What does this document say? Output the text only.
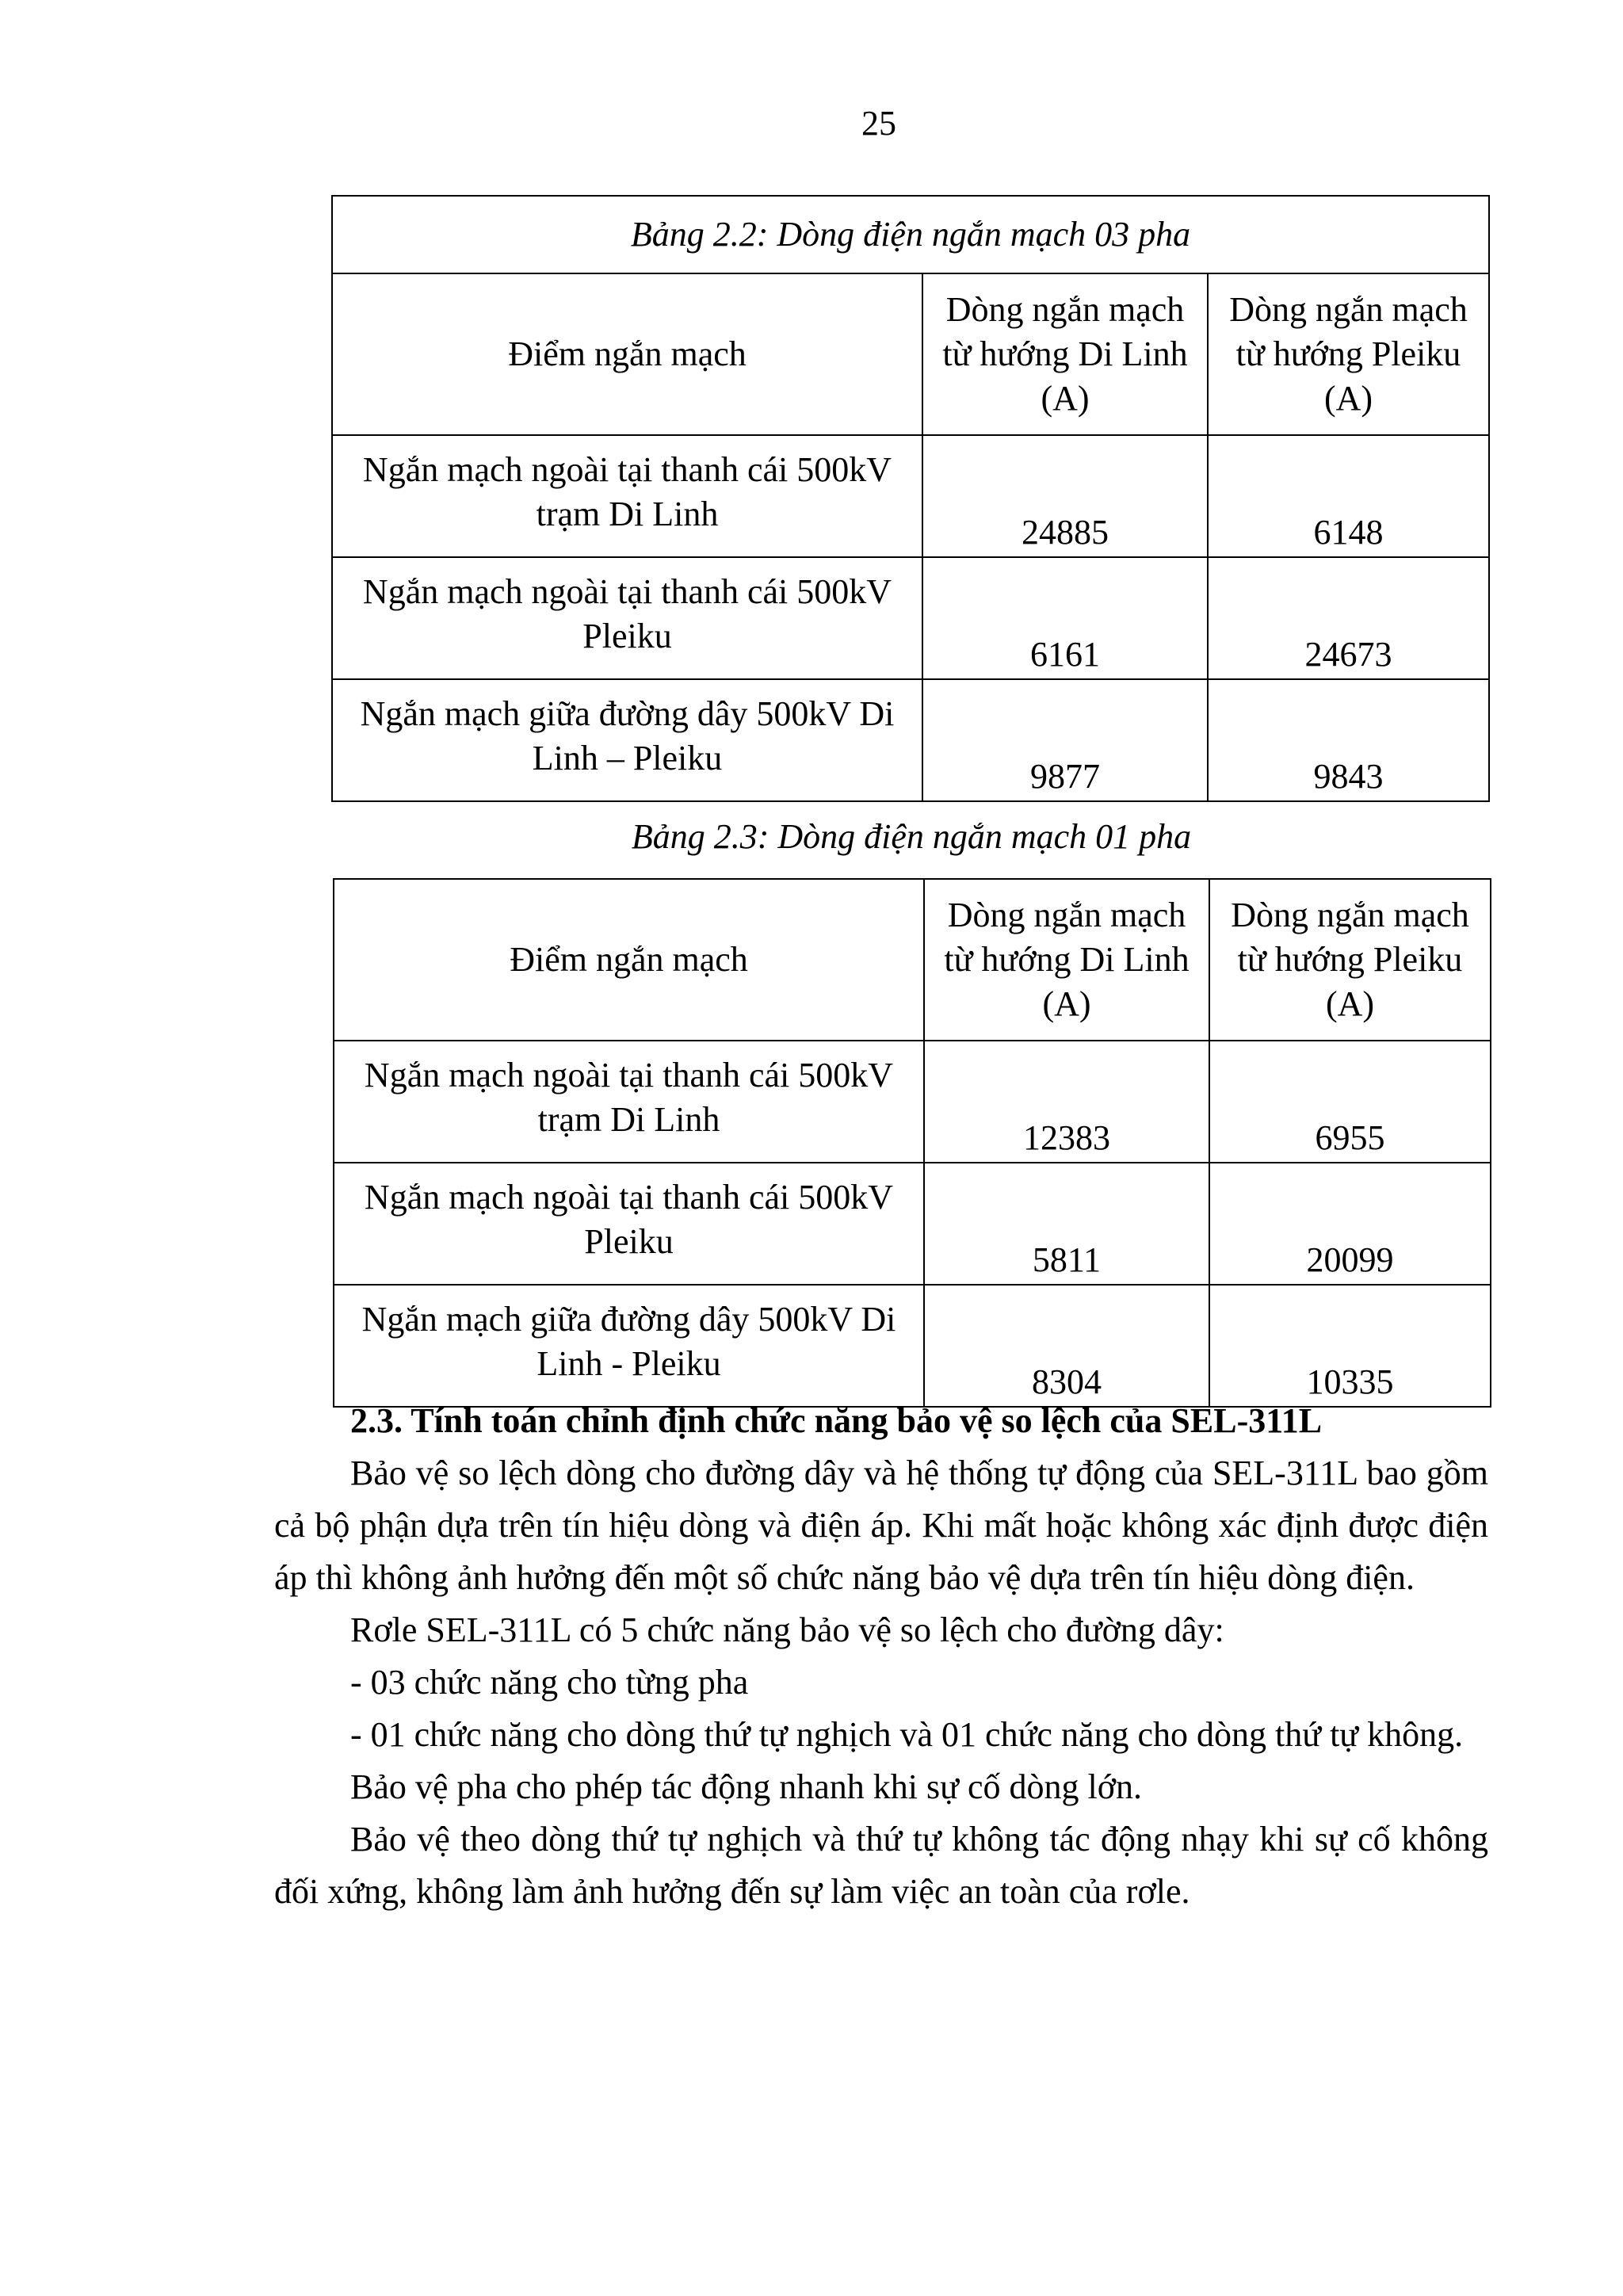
25
Bảng 2.2: Dòng điện ngắn mạch 03 pha		
Điểm ngắn mạch	Dòng ngắn mạch từ hướng Di Linh (A)	Dòng ngắn mạch từ hướng Pleiku (A)
Ngắn mạch ngoài tại thanh cái 500kV trạm Di Linh	24885	6148
Ngắn mạch ngoài tại thanh cái 500kV Pleiku	6161	24673
Ngắn mạch giữa đường dây 500kV Di Linh – Pleiku	9877	9843
Bảng 2.3: Dòng điện ngắn mạch 01 pha
Điểm ngắn mạch	Dòng ngắn mạch từ hướng Di Linh (A)	Dòng ngắn mạch từ hướng Pleiku (A)
Ngắn mạch ngoài tại thanh cái 500kV trạm Di Linh	12383	6955
Ngắn mạch ngoài tại thanh cái 500kV Pleiku	5811	20099
Ngắn mạch giữa đường dây 500kV Di Linh - Pleiku	8304	10335

2.3. Tính toán chỉnh định chức năng bảo vệ so lệch của SEL-311L

Bảo vệ so lệch dòng cho đường dây và hệ thống tự động của SEL-311L bao gồm cả bộ phận dựa trên tín hiệu dòng và điện áp. Khi mất hoặc không xác định được điện áp thì không ảnh hưởng đến một số chức năng bảo vệ dựa trên tín hiệu dòng điện.

Rơle SEL-311L có 5 chức năng bảo vệ so lệch cho đường dây:

- 03 chức năng cho từng pha

- 01 chức năng cho dòng thứ tự nghịch và 01 chức năng cho dòng thứ tự không.

Bảo vệ pha cho phép tác động nhanh khi sự cố dòng lớn.

Bảo vệ theo dòng thứ tự nghịch và thứ tự không tác động nhạy khi sự cố không đối xứng, không làm ảnh hưởng đến sự làm việc an toàn của rơle.
